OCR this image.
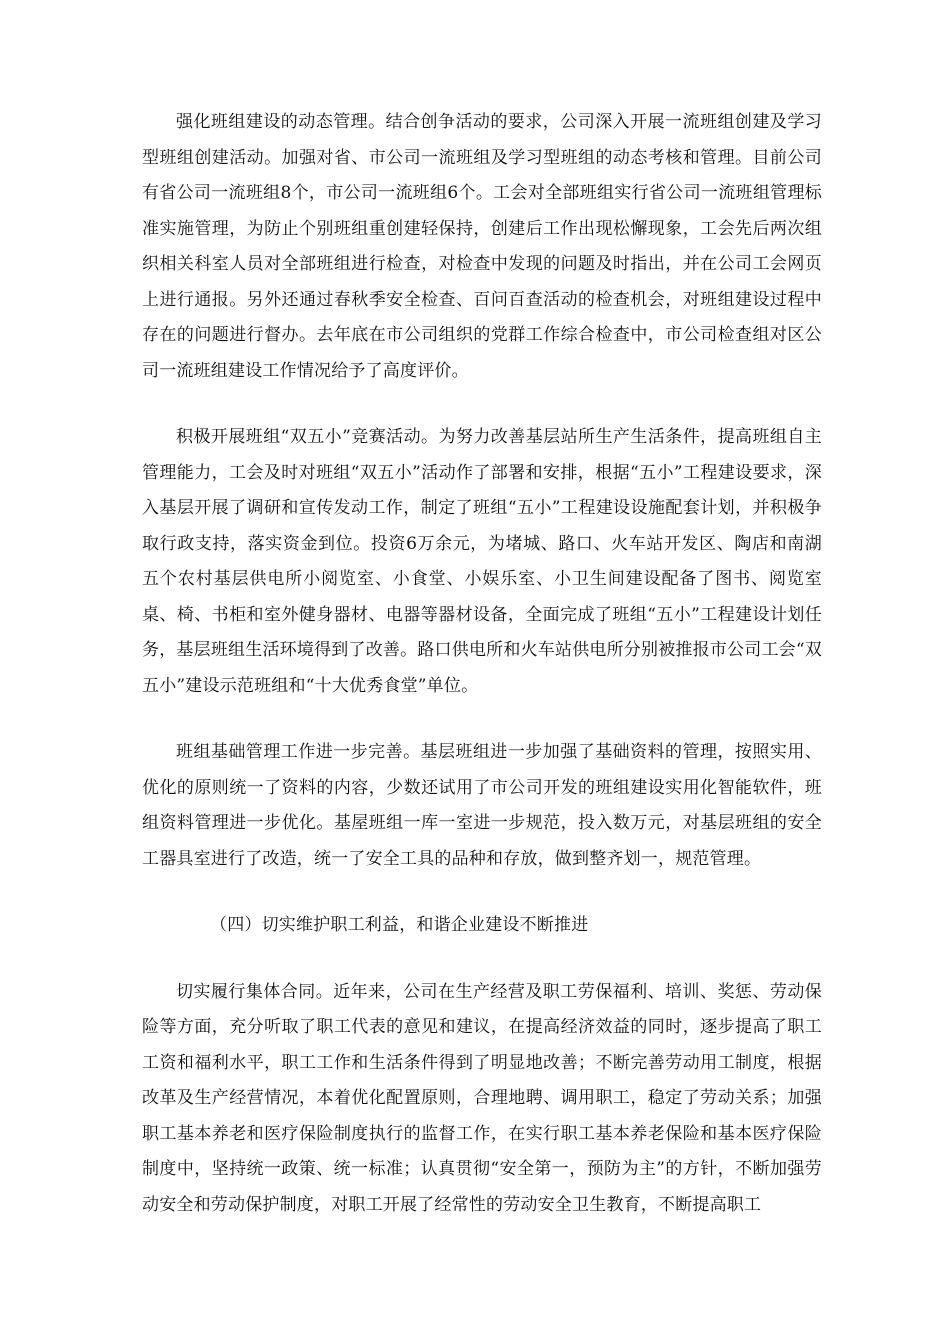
强化班组建设的动态管理。结合创争活动的要求，公司深入开展一流班组创建及学习型班组创建活动。加强对省、市公司一流班组及学习型班组的动态考核和管理。目前公司有省公司一流班组8个，市公司一流班组6个。工会对全部班组实行省公司一流班组管理标准实施管理，为防止个别班组重创建轻保持，创建后工作出现松懈现象，工会先后两次组织相关科室人员对全部班组进行检查，对检查中发现的问题及时指出，并在公司工会网页上进行通报。另外还通过春秋季安全检查、百问百查活动的检查机会，对班组建设过程中存在的问题进行督办。去年底在市公司组织的党群工作综合检查中，市公司检查组对区公司一流班组建设工作情况给予了高度评价。

积极开展班组“双五小”竞赛活动。为努力改善基层站所生产生活条件，提高班组自主管理能力，工会及时对班组“双五小”活动作了部署和安排，根据“五小”工程建设要求，深入基层开展了调研和宣传发动工作，制定了班组“五小”工程建设设施配套计划，并积极争取行政支持，落实资金到位。投资6万余元，为堵城、路口、火车站开发区、陶店和南湖五个农村基层供电所小阅览室、小食堂、小娱乐室、小卫生间建设配备了图书、阅览室桌、椅、书柜和室外健身器材、电器等器材设备，全面完成了班组“五小”工程建设计划任务，基层班组生活环境得到了改善。路口供电所和火车站供电所分别被推报市公司工会“双五小”建设示范班组和“十大优秀食堂”单位。

班组基础管理工作进一步完善。基层班组进一步加强了基础资料的管理，按照实用、优化的原则统一了资料的内容，少数还试用了市公司开发的班组建设实用化智能软件，班组资料管理进一步优化。基屋班组一库一室进一步规范，投入数万元，对基层班组的安全工器具室进行了改造，统一了安全工具的品种和存放，做到整齐划一，规范管理。

（四）切实维护职工利益，和谐企业建设不断推进

切实履行集体合同。近年来，公司在生产经营及职工劳保福利、培训、奖惩、劳动保险等方面，充分听取了职工代表的意见和建议，在提高经济效益的同时，逐步提高了职工工资和福利水平，职工工作和生活条件得到了明显地改善；不断完善劳动用工制度，根据改革及生产经营情况，本着优化配置原则，合理地聘、调用职工，稳定了劳动关系；加强职工基本养老和医疗保险制度执行的监督工作，在实行职工基本养老保险和基本医疗保险制度中，坚持统一政策、统一标准；认真贯彻“安全第一，预防为主”的方针，不断加强劳动安全和劳动保护制度，对职工开展了经常性的劳动安全卫生教育，不断提高职工
